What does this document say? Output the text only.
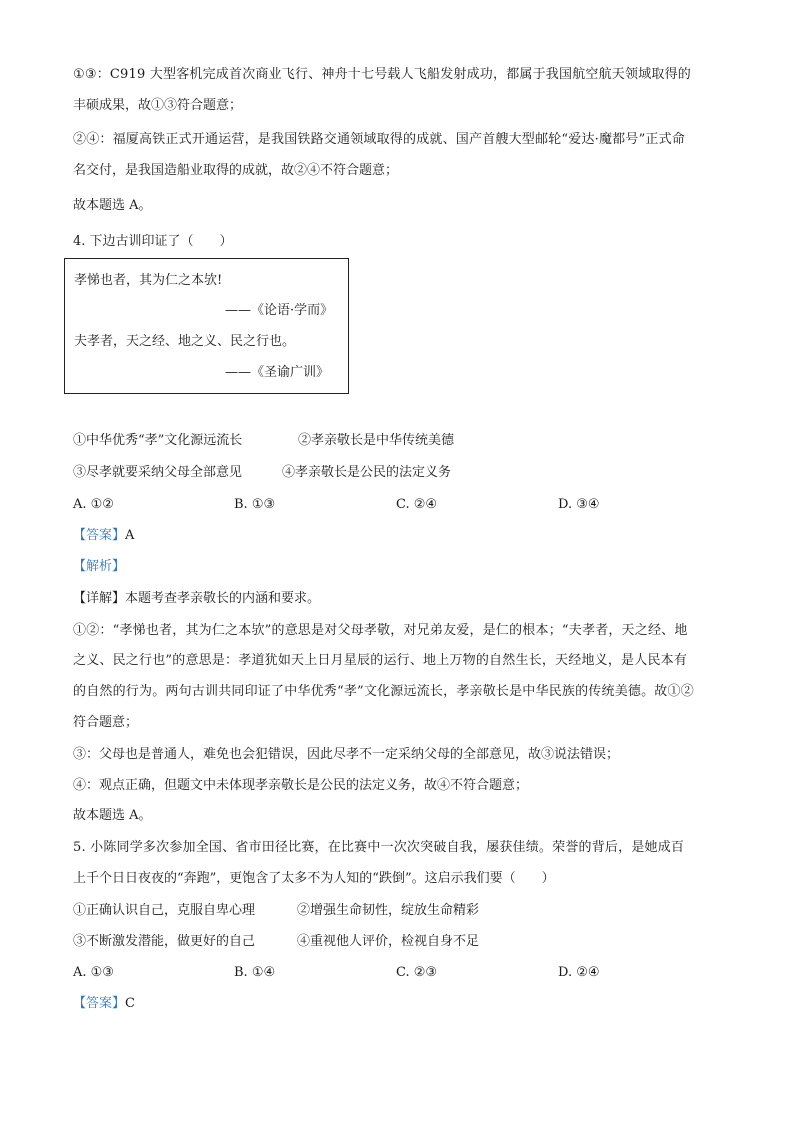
①③：C919 大型客机完成首次商业飞行、神舟十七号载人飞船发射成功，都属于我国航空航天领域取得的
丰硕成果，故①③符合题意；
②④：福厦高铁正式开通运营，是我国铁路交通领域取得的成就、国产首艘大型邮轮“爱达·魔都号”正式命
名交付，是我国造船业取得的成就，故②④不符合题意；
故本题选 A。
4. 下边古训印证了（　　）
孝悌也者，其为仁之本欤!
——《论语·学而》
夫孝者，天之经、地之义、民之行也。
——《圣谕广训》
①中华优秀“孝”文化源远流长	②孝亲敬长是中华传统美德
③尽孝就要采纳父母全部意见	④孝亲敬长是公民的法定义务
A. ①②	B. ①③	C. ②④	D. ③④
【答案】A
【解析】
【详解】本题考查孝亲敬长的内涵和要求。
①②：“孝悌也者，其为仁之本欤”的意思是对父母孝敬，对兄弟友爱，是仁的根本；“夫孝者，天之经、地
之义、民之行也”的意思是：孝道犹如天上日月星辰的运行、地上万物的自然生长，天经地义，是人民本有
的自然的行为。两句古训共同印证了中华优秀“孝”文化源远流长，孝亲敬长是中华民族的传统美德。故①②
符合题意；
③：父母也是普通人，难免也会犯错误，因此尽孝不一定采纳父母的全部意见，故③说法错误；
④：观点正确，但题文中未体现孝亲敬长是公民的法定义务，故④不符合题意；
故本题选 A。
5. 小陈同学多次参加全国、省市田径比赛，在比赛中一次次突破自我，屡获佳绩。荣誉的背后，是她成百
上千个日日夜夜的“奔跑”，更饱含了太多不为人知的“跌倒”。这启示我们要（　　）
①正确认识自己，克服自卑心理	②增强生命韧性，绽放生命精彩
③不断激发潜能，做更好的自己	④重视他人评价，检视自身不足
A. ①③	B. ①④	C. ②③	D. ②④
【答案】C
